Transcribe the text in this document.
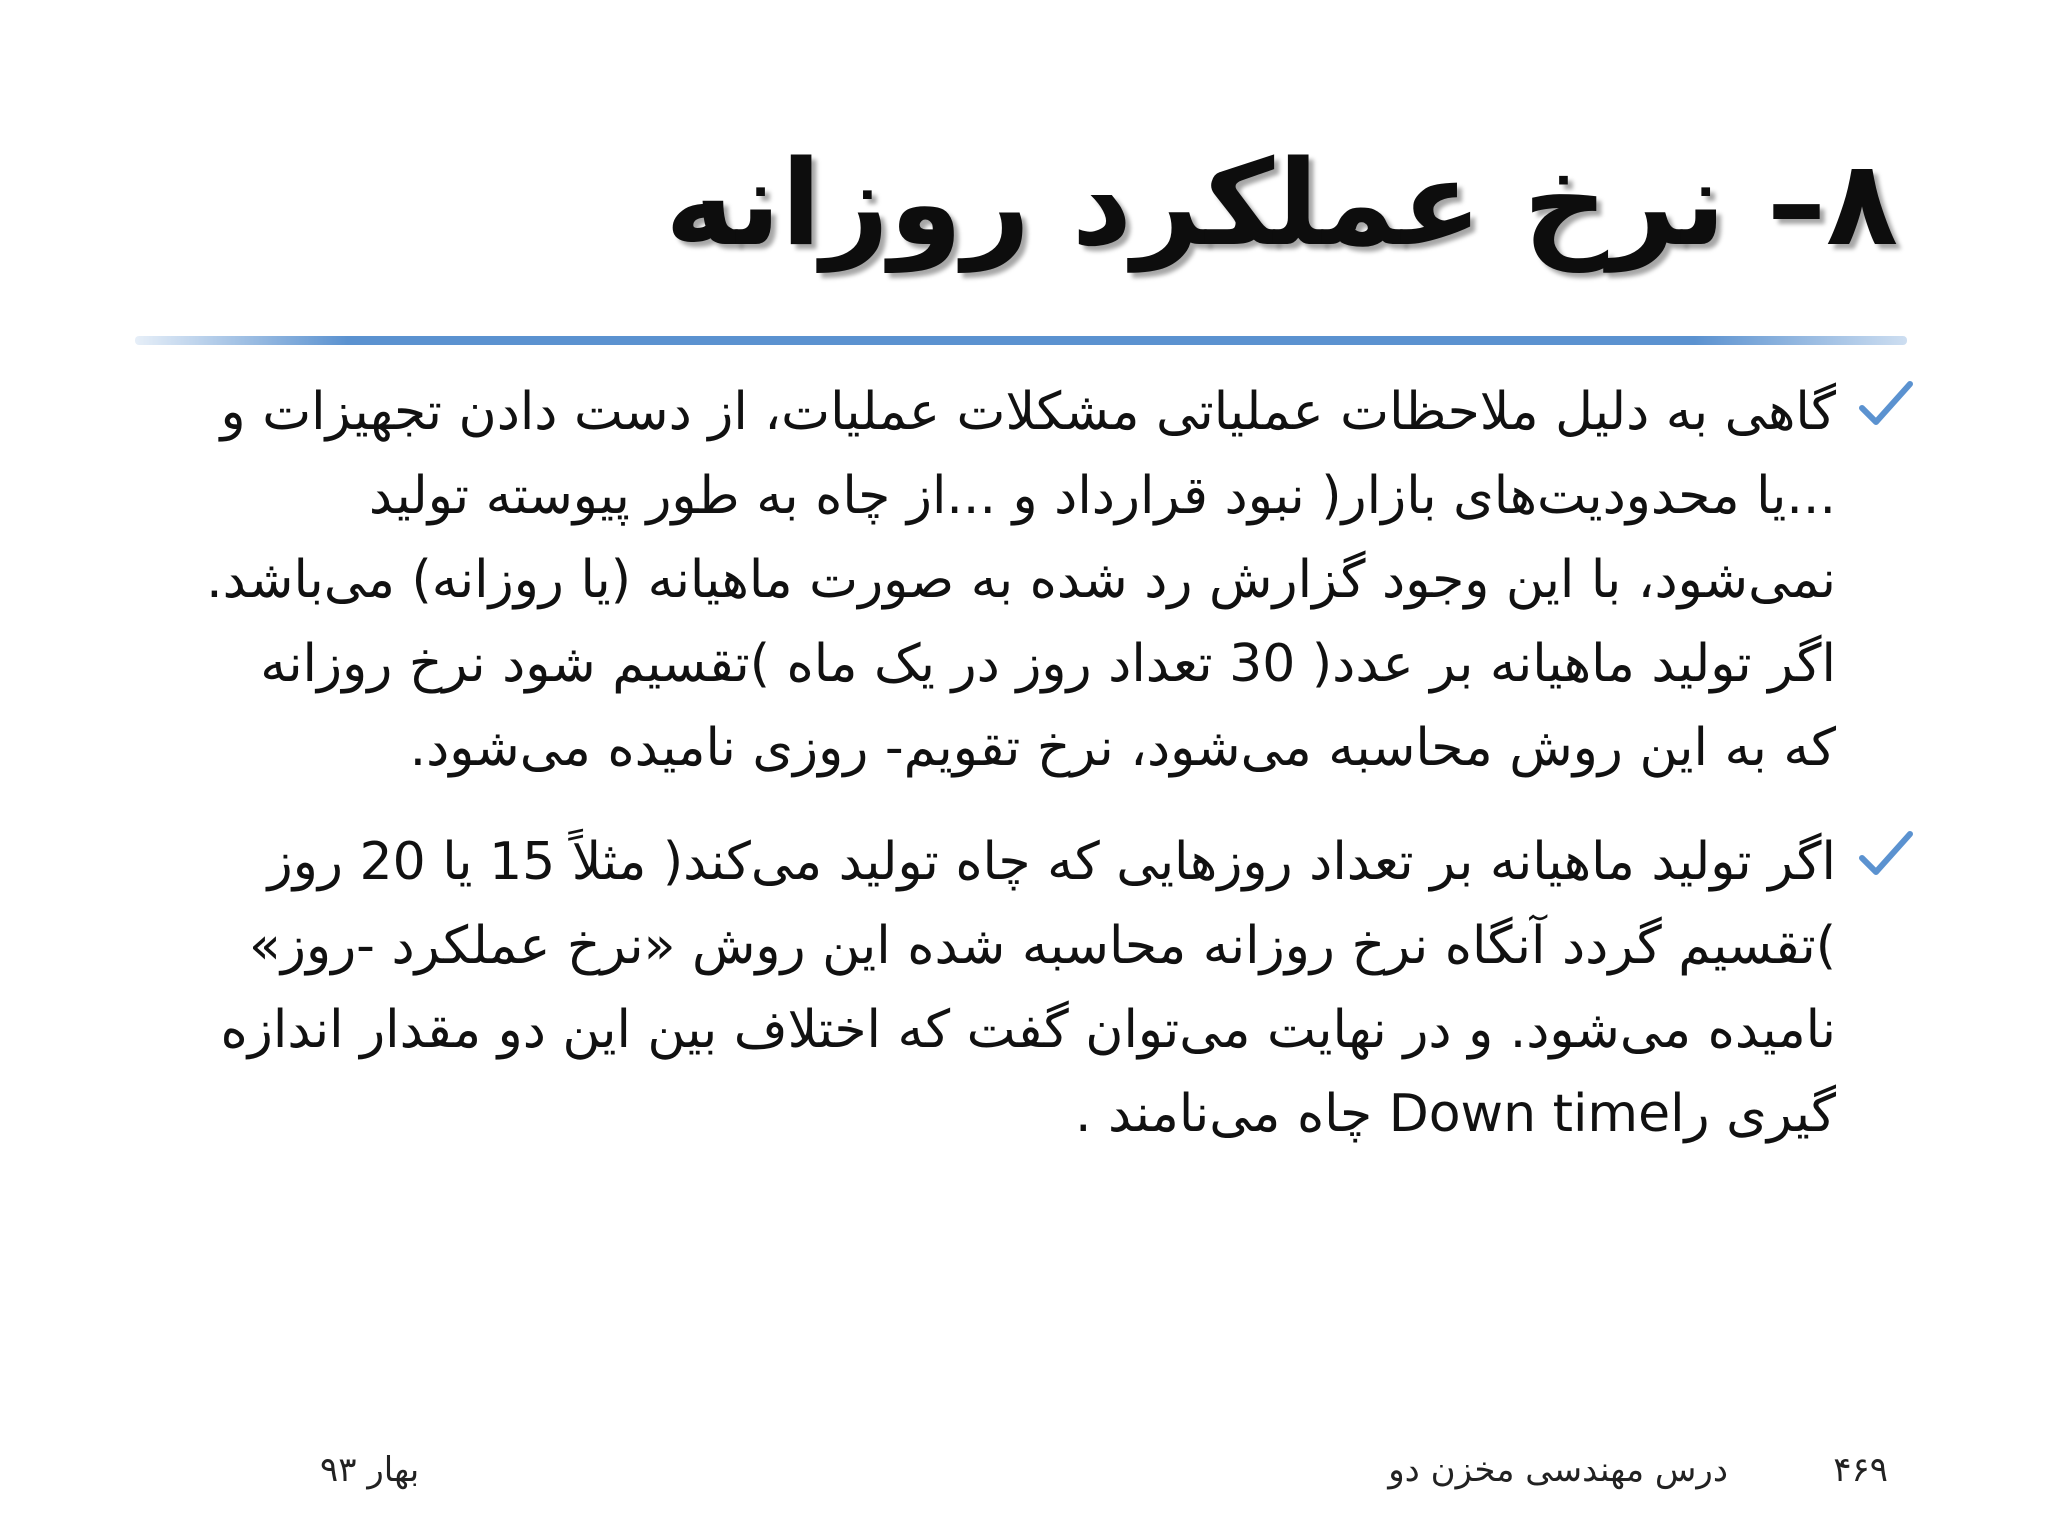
۸– نرخ عملکرد روزانه
گاهی به دلیل ملاحظات عملیاتی مشکلات عملیات، از دست دادن تجهیزات و ...یا محدودیت‌های بازار( نبود قرارداد و ...از چاه به طور پیوسته تولید نمی‌شود، با این وجود گزارش رد شده به صورت ماهیانه (یا روزانه) می‌باشد.
اگر تولید ماهیانه بر عدد( 30 تعداد روز در یک ماه )تقسیم شود نرخ روزانه که به این روش محاسبه می‌شود، نرخ تقویم- روزی نامیده می‌شود.
اگر تولید ماهیانه بر تعداد روزهایی که چاه تولید می‌کند( مثلاً 15 یا 20 روز )تقسیم گردد آنگاه نرخ روزانه محاسبه شده این روش «نرخ عملکرد -روز» نامیده می‌شود. و در نهایت می‌توان گفت که اختلاف بین این دو مقدار اندازه گیری راDown time چاه می‌نامند .
۴۶۹
درس مهندسی مخزن دو
بهار ۹۳
